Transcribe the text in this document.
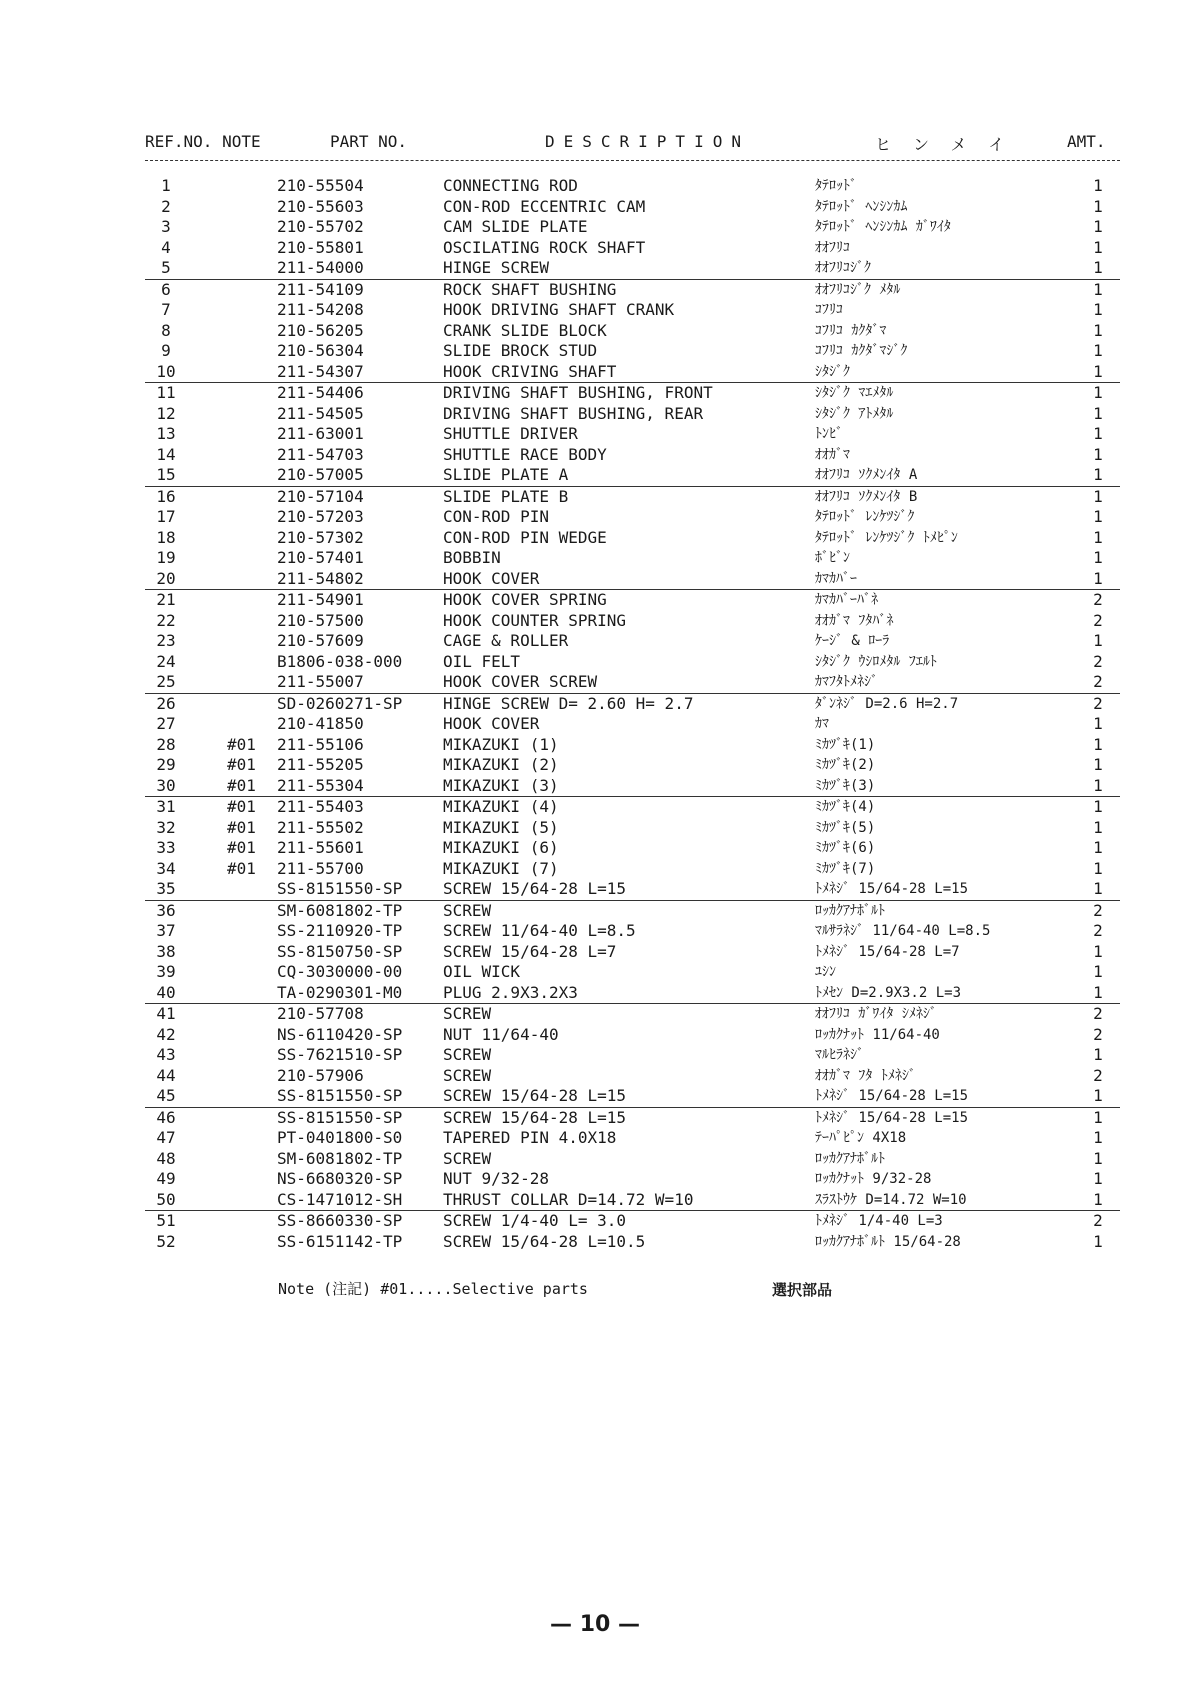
REF.NO. NOTE	PART NO.	DESCRIPTION	ヒンメイ	AMT.
1	210-55504	CONNECTING ROD	ﾀﾃﾛｯﾄﾞ	1
2	210-55603	CON-ROD ECCENTRIC CAM	ﾀﾃﾛｯﾄﾞ ﾍﾝｼﾝｶﾑ	1
3	210-55702	CAM SLIDE PLATE	ﾀﾃﾛｯﾄﾞ ﾍﾝｼﾝｶﾑ ｶﾞﾜｲﾀ	1
4	210-55801	OSCILATING ROCK SHAFT	ｵｵﾌﾘｺ	1
5	211-54000	HINGE SCREW	ｵｵﾌﾘｺｼﾞｸ	1
6	211-54109	ROCK SHAFT BUSHING	ｵｵﾌﾘｺｼﾞｸ ﾒﾀﾙ	1
7	211-54208	HOOK DRIVING SHAFT CRANK	ｺﾌﾘｺ	1
8	210-56205	CRANK SLIDE BLOCK	ｺﾌﾘｺ ｶｸﾀﾞﾏ	1
9	210-56304	SLIDE BROCK STUD	ｺﾌﾘｺ ｶｸﾀﾞﾏｼﾞｸ	1
10	211-54307	HOOK CRIVING SHAFT	ｼﾀｼﾞｸ	1
11	211-54406	DRIVING SHAFT BUSHING, FRONT	ｼﾀｼﾞｸ ﾏｴﾒﾀﾙ	1
12	211-54505	DRIVING SHAFT BUSHING, REAR	ｼﾀｼﾞｸ ｱﾄﾒﾀﾙ	1
13	211-63001	SHUTTLE DRIVER	ﾄﾝﾋﾞ	1
14	211-54703	SHUTTLE RACE BODY	ｵｵｶﾞﾏ	1
15	210-57005	SLIDE PLATE A	ｵｵﾌﾘｺ ｿｸﾒﾝｲﾀ A	1
16	210-57104	SLIDE PLATE B	ｵｵﾌﾘｺ ｿｸﾒﾝｲﾀ B	1
17	210-57203	CON-ROD PIN	ﾀﾃﾛｯﾄﾞ ﾚﾝｹﾂｼﾞｸ	1
18	210-57302	CON-ROD PIN WEDGE	ﾀﾃﾛｯﾄﾞ ﾚﾝｹﾂｼﾞｸ ﾄﾒﾋﾟﾝ	1
19	210-57401	BOBBIN	ﾎﾞﾋﾞﾝ	1
20	211-54802	HOOK COVER	ｶﾏｶﾊﾞｰ	1
21	211-54901	HOOK COVER SPRING	ｶﾏｶﾊﾞｰﾊﾞﾈ	2
22	210-57500	HOOK COUNTER SPRING	ｵｵｶﾞﾏ ﾌﾀﾊﾞﾈ	2
23	210-57609	CAGE & ROLLER	ｹｰｼﾞ & ﾛｰﾗ	1
24	B1806-038-000	OIL FELT	ｼﾀｼﾞｸ ｳｼﾛﾒﾀﾙ ﾌｴﾙﾄ	2
25	211-55007	HOOK COVER SCREW	ｶﾏﾌﾀﾄﾒﾈｼﾞ	2
26	SD-0260271-SP	HINGE SCREW D= 2.60 H= 2.7	ﾀﾞﾝﾈｼﾞ D=2.6 H=2.7	2
27	210-41850	HOOK COVER	ｶﾏ	1
28	#01 211-55106	MIKAZUKI (1)	ﾐｶﾂﾞｷ(1)	1
29	#01 211-55205	MIKAZUKI (2)	ﾐｶﾂﾞｷ(2)	1
30	#01 211-55304	MIKAZUKI (3)	ﾐｶﾂﾞｷ(3)	1
31	#01 211-55403	MIKAZUKI (4)	ﾐｶﾂﾞｷ(4)	1
32	#01 211-55502	MIKAZUKI (5)	ﾐｶﾂﾞｷ(5)	1
33	#01 211-55601	MIKAZUKI (6)	ﾐｶﾂﾞｷ(6)	1
34	#01 211-55700	MIKAZUKI (7)	ﾐｶﾂﾞｷ(7)	1
35	SS-8151550-SP	SCREW 15/64-28 L=15	ﾄﾒﾈｼﾞ 15/64-28 L=15	1
36	SM-6081802-TP	SCREW	ﾛｯｶｸｱﾅﾎﾞﾙﾄ	2
37	SS-2110920-TP	SCREW 11/64-40 L=8.5	ﾏﾙｻﾗﾈｼﾞ 11/64-40 L=8.5	2
38	SS-8150750-SP	SCREW 15/64-28 L=7	ﾄﾒﾈｼﾞ 15/64-28 L=7	1
39	CQ-3030000-00	OIL WICK	ﾕｼﾝ	1
40	TA-0290301-M0	PLUG 2.9X3.2X3	ﾄﾒｾﾝ D=2.9X3.2 L=3	1
41	210-57708	SCREW	ｵｵﾌﾘｺ ｶﾞﾜｲﾀ ｼﾒﾈｼﾞ	2
42	NS-6110420-SP	NUT 11/64-40	ﾛｯｶｸﾅｯﾄ 11/64-40	2
43	SS-7621510-SP	SCREW	ﾏﾙﾋﾗﾈｼﾞ	1
44	210-57906	SCREW	ｵｵｶﾞﾏ ﾌﾀ ﾄﾒﾈｼﾞ	2
45	SS-8151550-SP	SCREW 15/64-28 L=15	ﾄﾒﾈｼﾞ 15/64-28 L=15	1
46	SS-8151550-SP	SCREW 15/64-28 L=15	ﾄﾒﾈｼﾞ 15/64-28 L=15	1
47	PT-0401800-S0	TAPERED PIN 4.0X18	ﾃｰﾊﾟﾋﾟﾝ 4X18	1
48	SM-6081802-TP	SCREW	ﾛｯｶｸｱﾅﾎﾞﾙﾄ	1
49	NS-6680320-SP	NUT 9/32-28	ﾛｯｶｸﾅｯﾄ 9/32-28	1
50	CS-1471012-SH	THRUST COLLAR D=14.72 W=10	ｽﾗｽﾄｳｹ D=14.72 W=10	1
51	SS-8660330-SP	SCREW 1/4-40 L= 3.0	ﾄﾒﾈｼﾞ 1/4-40 L=3	2
52	SS-6151142-TP	SCREW 15/64-28 L=10.5	ﾛｯｶｸｱﾅﾎﾞﾙﾄ 15/64-28	1
Note (注記) #01.....Selective parts	選択部品
— 10 —
